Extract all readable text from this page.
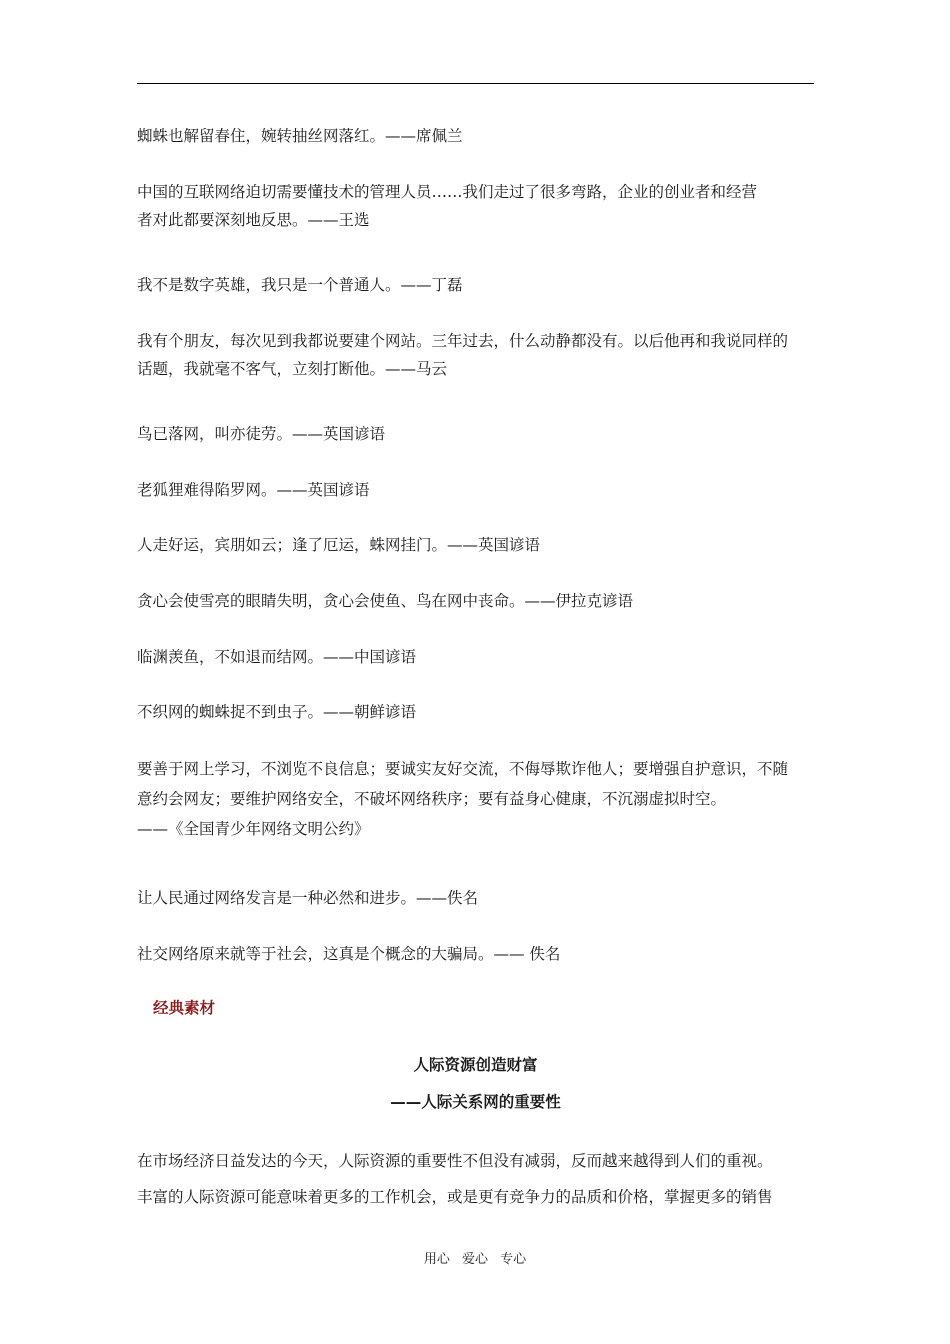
蜘蛛也解留春住，婉转抽丝网落红。——席佩兰

中国的互联网络迫切需要懂技术的管理人员……我们走过了很多弯路，企业的创业者和经营
者对此都要深刻地反思。——王选

我不是数字英雄，我只是一个普通人。——丁磊

我有个朋友，每次见到我都说要建个网站。三年过去，什么动静都没有。以后他再和我说同样的
话题，我就毫不客气，立刻打断他。——马云

鸟已落网，叫亦徒劳。——英国谚语

老狐狸难得陷罗网。——英国谚语

人走好运，宾朋如云；逢了厄运，蛛网挂门。——英国谚语

贪心会使雪亮的眼睛失明，贪心会使鱼、鸟在网中丧命。——伊拉克谚语

临渊羡鱼，不如退而结网。——中国谚语

不织网的蜘蛛捉不到虫子。——朝鲜谚语

要善于网上学习，不浏览不良信息；要诚实友好交流，不侮辱欺诈他人；要增强自护意识，不随
意约会网友；要维护网络安全，不破坏网络秩序；要有益身心健康，不沉溺虚拟时空。
——《全国青少年网络文明公约》

让人民通过网络发言是一种必然和进步。——佚名

社交网络原来就等于社会，这真是个概念的大骗局。—— 佚名

经典素材
人际资源创造财富
——人际关系网的重要性

在市场经济日益发达的今天，人际资源的重要性不但没有减弱，反而越来越得到人们的重视。
丰富的人际资源可能意味着更多的工作机会，或是更有竞争力的品质和价格，掌握更多的销售

用心 爱心 专心
